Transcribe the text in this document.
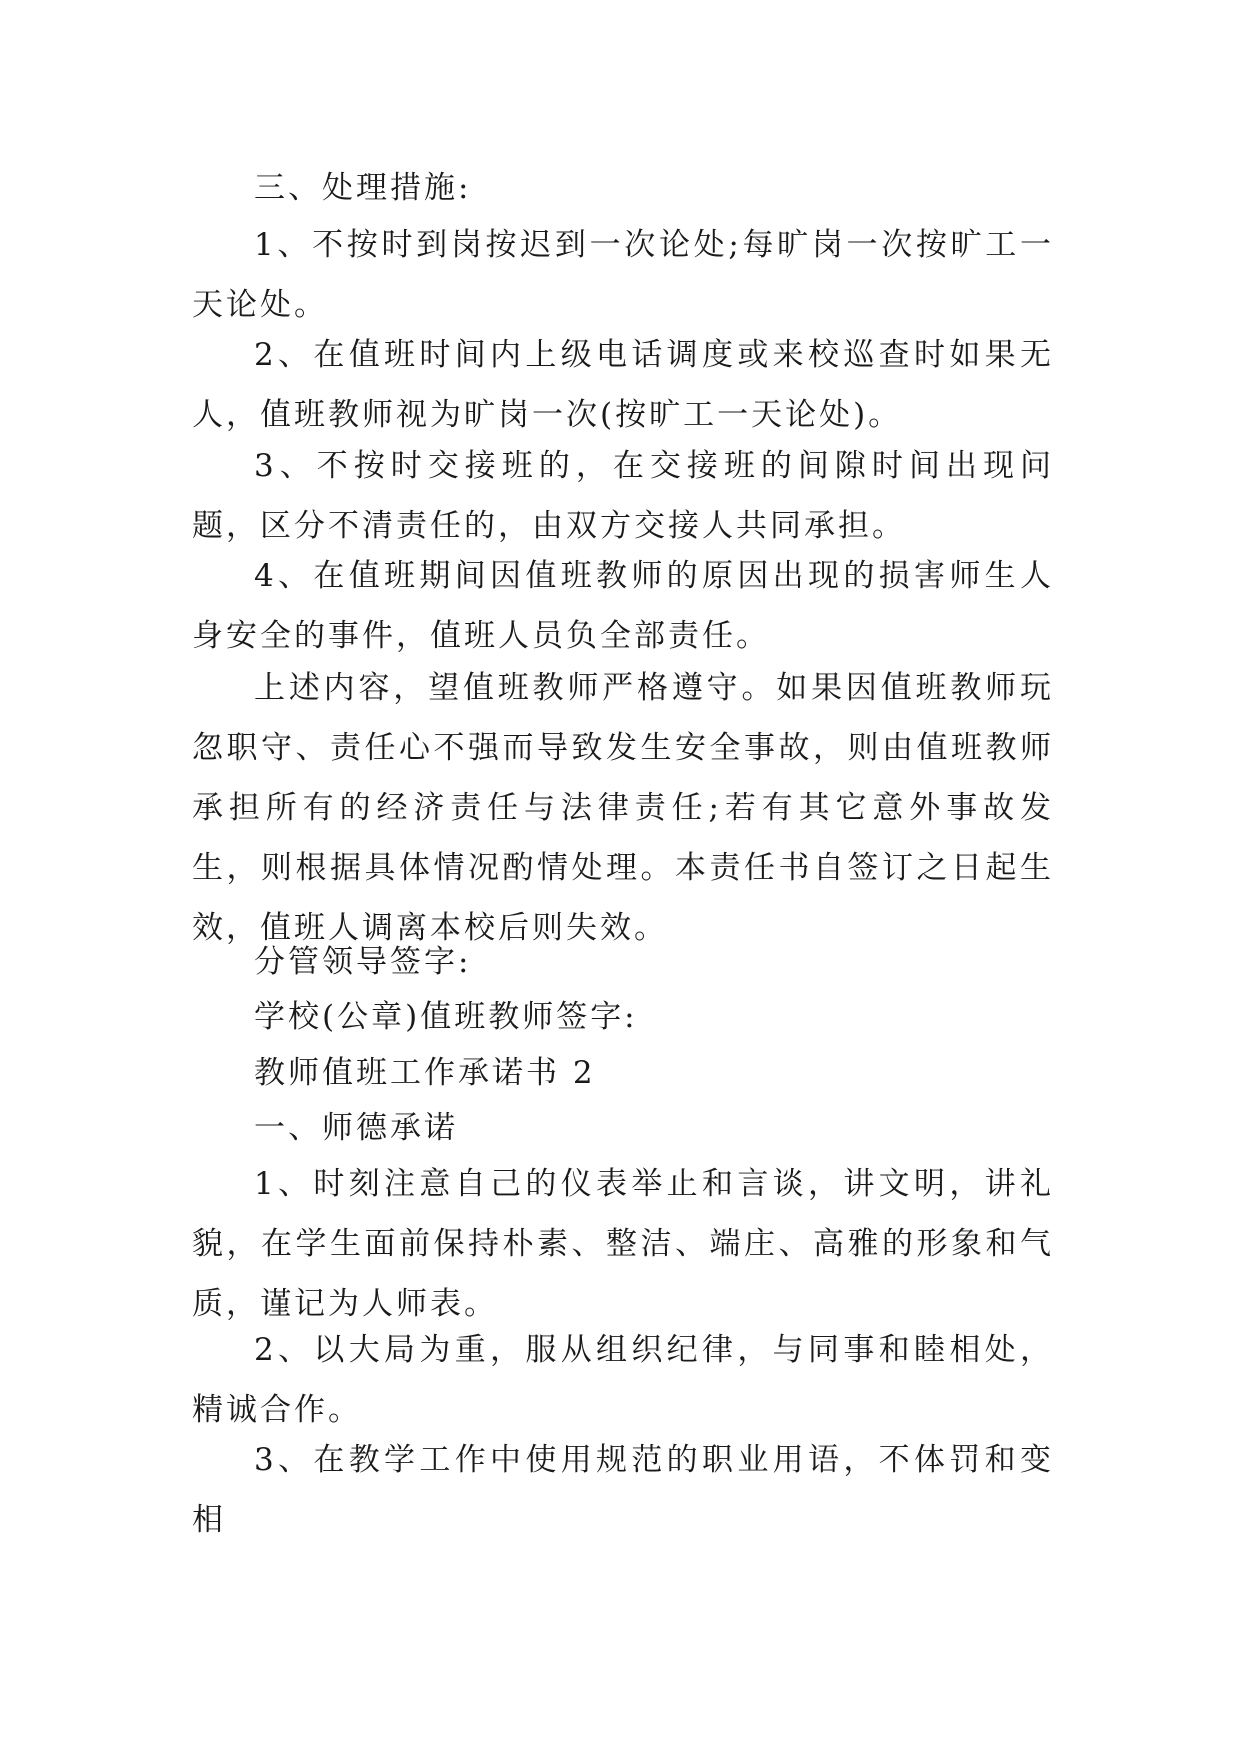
三、处理措施:

1、不按时到岗按迟到一次论处;每旷岗一次按旷工一天论处。

2、在值班时间内上级电话调度或来校巡查时如果无人，值班教师视为旷岗一次(按旷工一天论处)。

3、不按时交接班的，在交接班的间隙时间出现问题，区分不清责任的，由双方交接人共同承担。

4、在值班期间因值班教师的原因出现的损害师生人身安全的事件，值班人员负全部责任。

上述内容，望值班教师严格遵守。如果因值班教师玩忽职守、责任心不强而导致发生安全事故，则由值班教师承担所有的经济责任与法律责任;若有其它意外事故发生，则根据具体情况酌情处理。本责任书自签订之日起生效，值班人调离本校后则失效。

分管领导签字:

学校(公章)值班教师签字:

教师值班工作承诺书 2

一、师德承诺

1、时刻注意自己的仪表举止和言谈，讲文明，讲礼貌，在学生面前保持朴素、整洁、端庄、高雅的形象和气质，谨记为人师表。

2、以大局为重，服从组织纪律，与同事和睦相处，精诚合作。

3、在教学工作中使用规范的职业用语，不体罚和变相
